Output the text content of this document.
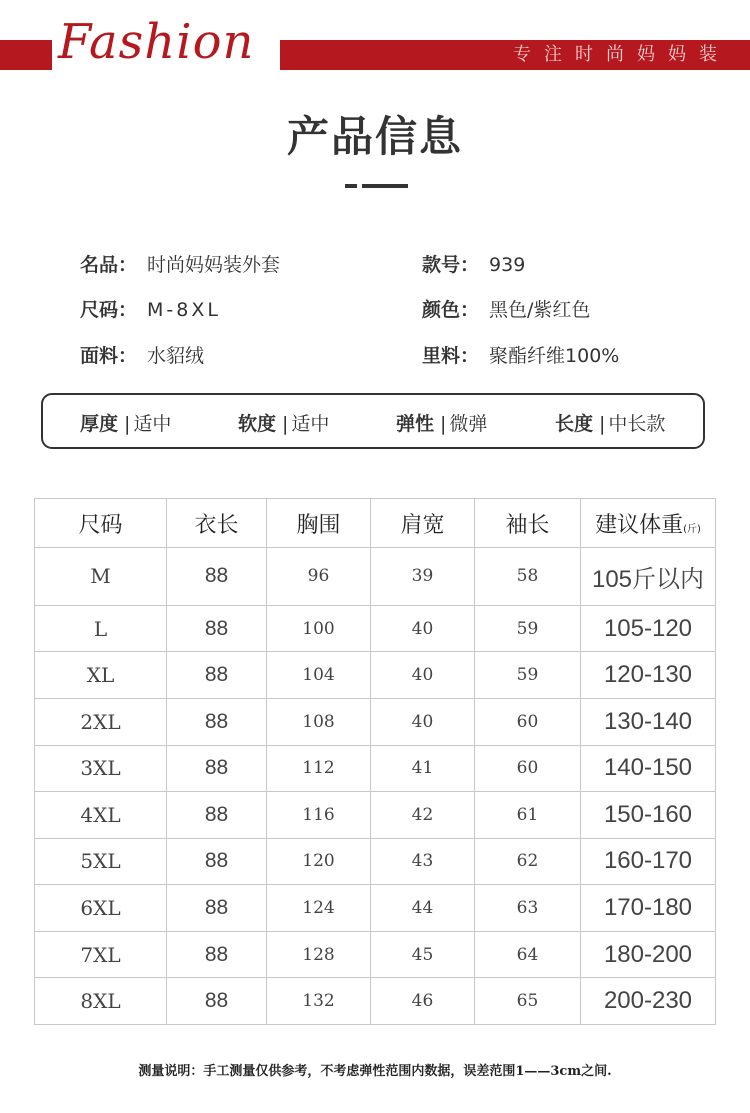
Fashion	专注时尚妈妈装
产品信息
名品： 时尚妈妈装外套	款号： 939
尺码： M-8XL	颜色： 黑色/紫红色
面料： 水貂绒	里料： 聚酯纤维100%
厚度 | 适中	软度 | 适中	弹性 | 微弹	长度 | 中长款
尺码	衣长	胸围	肩宽	袖长	建议体重(斤)
M	88	96	39	58	105斤以内
L	88	100	40	59	105-120
XL	88	104	40	59	120-130
2XL	88	108	40	60	130-140
3XL	88	112	41	60	140-150
4XL	88	116	42	61	150-160
5XL	88	120	43	62	160-170
6XL	88	124	44	63	170-180
7XL	88	128	45	64	180-200
8XL	88	132	46	65	200-230
测量说明：手工测量仅供参考，不考虑弹性范围内数据，误差范围1——3cm之间.
